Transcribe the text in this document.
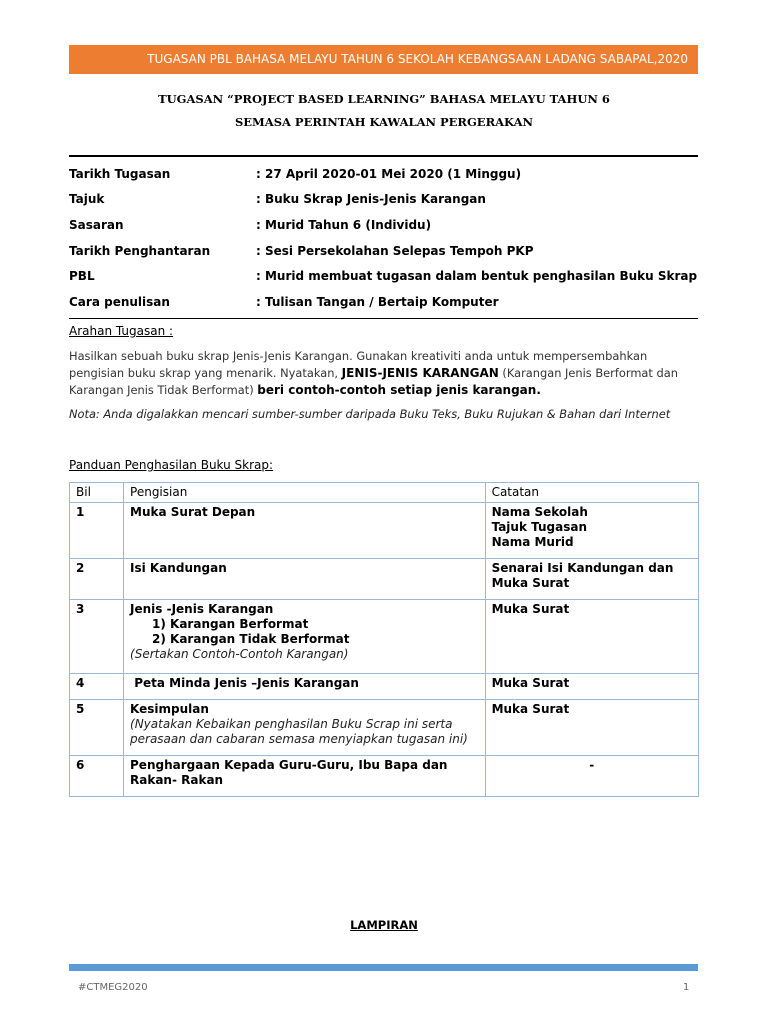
TUGASAN PBL BAHASA MELAYU TAHUN 6 SEKOLAH KEBANGSAAN LADANG SABAPAL,2020
TUGASAN “PROJECT BASED LEARNING” BAHASA MELAYU TAHUN 6
SEMASA PERINTAH KAWALAN PERGERAKAN
Tarikh Tugasan	: 27 April 2020-01 Mei 2020 (1 Minggu)
Tajuk	: Buku Skrap Jenis-Jenis Karangan
Sasaran	: Murid Tahun 6 (Individu)
Tarikh Penghantaran	: Sesi Persekolahan Selepas Tempoh PKP
PBL	: Murid membuat tugasan dalam bentuk penghasilan Buku Skrap
Cara penulisan	: Tulisan Tangan / Bertaip Komputer
Arahan Tugasan :
Hasilkan sebuah buku skrap Jenis-Jenis Karangan. Gunakan kreativiti anda untuk mempersembahkan
pengisian buku skrap yang menarik. Nyatakan, JENIS-JENIS KARANGAN (Karangan Jenis Berformat dan
Karangan Jenis Tidak Berformat) beri contoh-contoh setiap jenis karangan.
Nota: Anda digalakkan mencari sumber-sumber daripada Buku Teks, Buku Rujukan & Bahan dari Internet
Panduan Penghasilan Buku Skrap:
Bil	Pengisian	Catatan
1	Muka Surat Depan	Nama Sekolah
Tajuk Tugasan
Nama Murid

2	Isi Kandungan	Senarai Isi Kandungan dan
Muka Surat

3	Jenis -Jenis Karangan
1) Karangan Berformat
2) Karangan Tidak Berformat
(Sertakan Contoh-Contoh Karangan)	Muka Surat

4	Peta Minda Jenis –Jenis Karangan	Muka Surat

5	Kesimpulan
(Nyatakan Kebaikan penghasilan Buku Scrap ini serta
perasaan dan cabaran semasa menyiapkan tugasan ini)	Muka Surat

6	Penghargaan Kepada Guru-Guru, Ibu Bapa dan
Rakan- Rakan	-
LAMPIRAN
#CTMEG2020	1
